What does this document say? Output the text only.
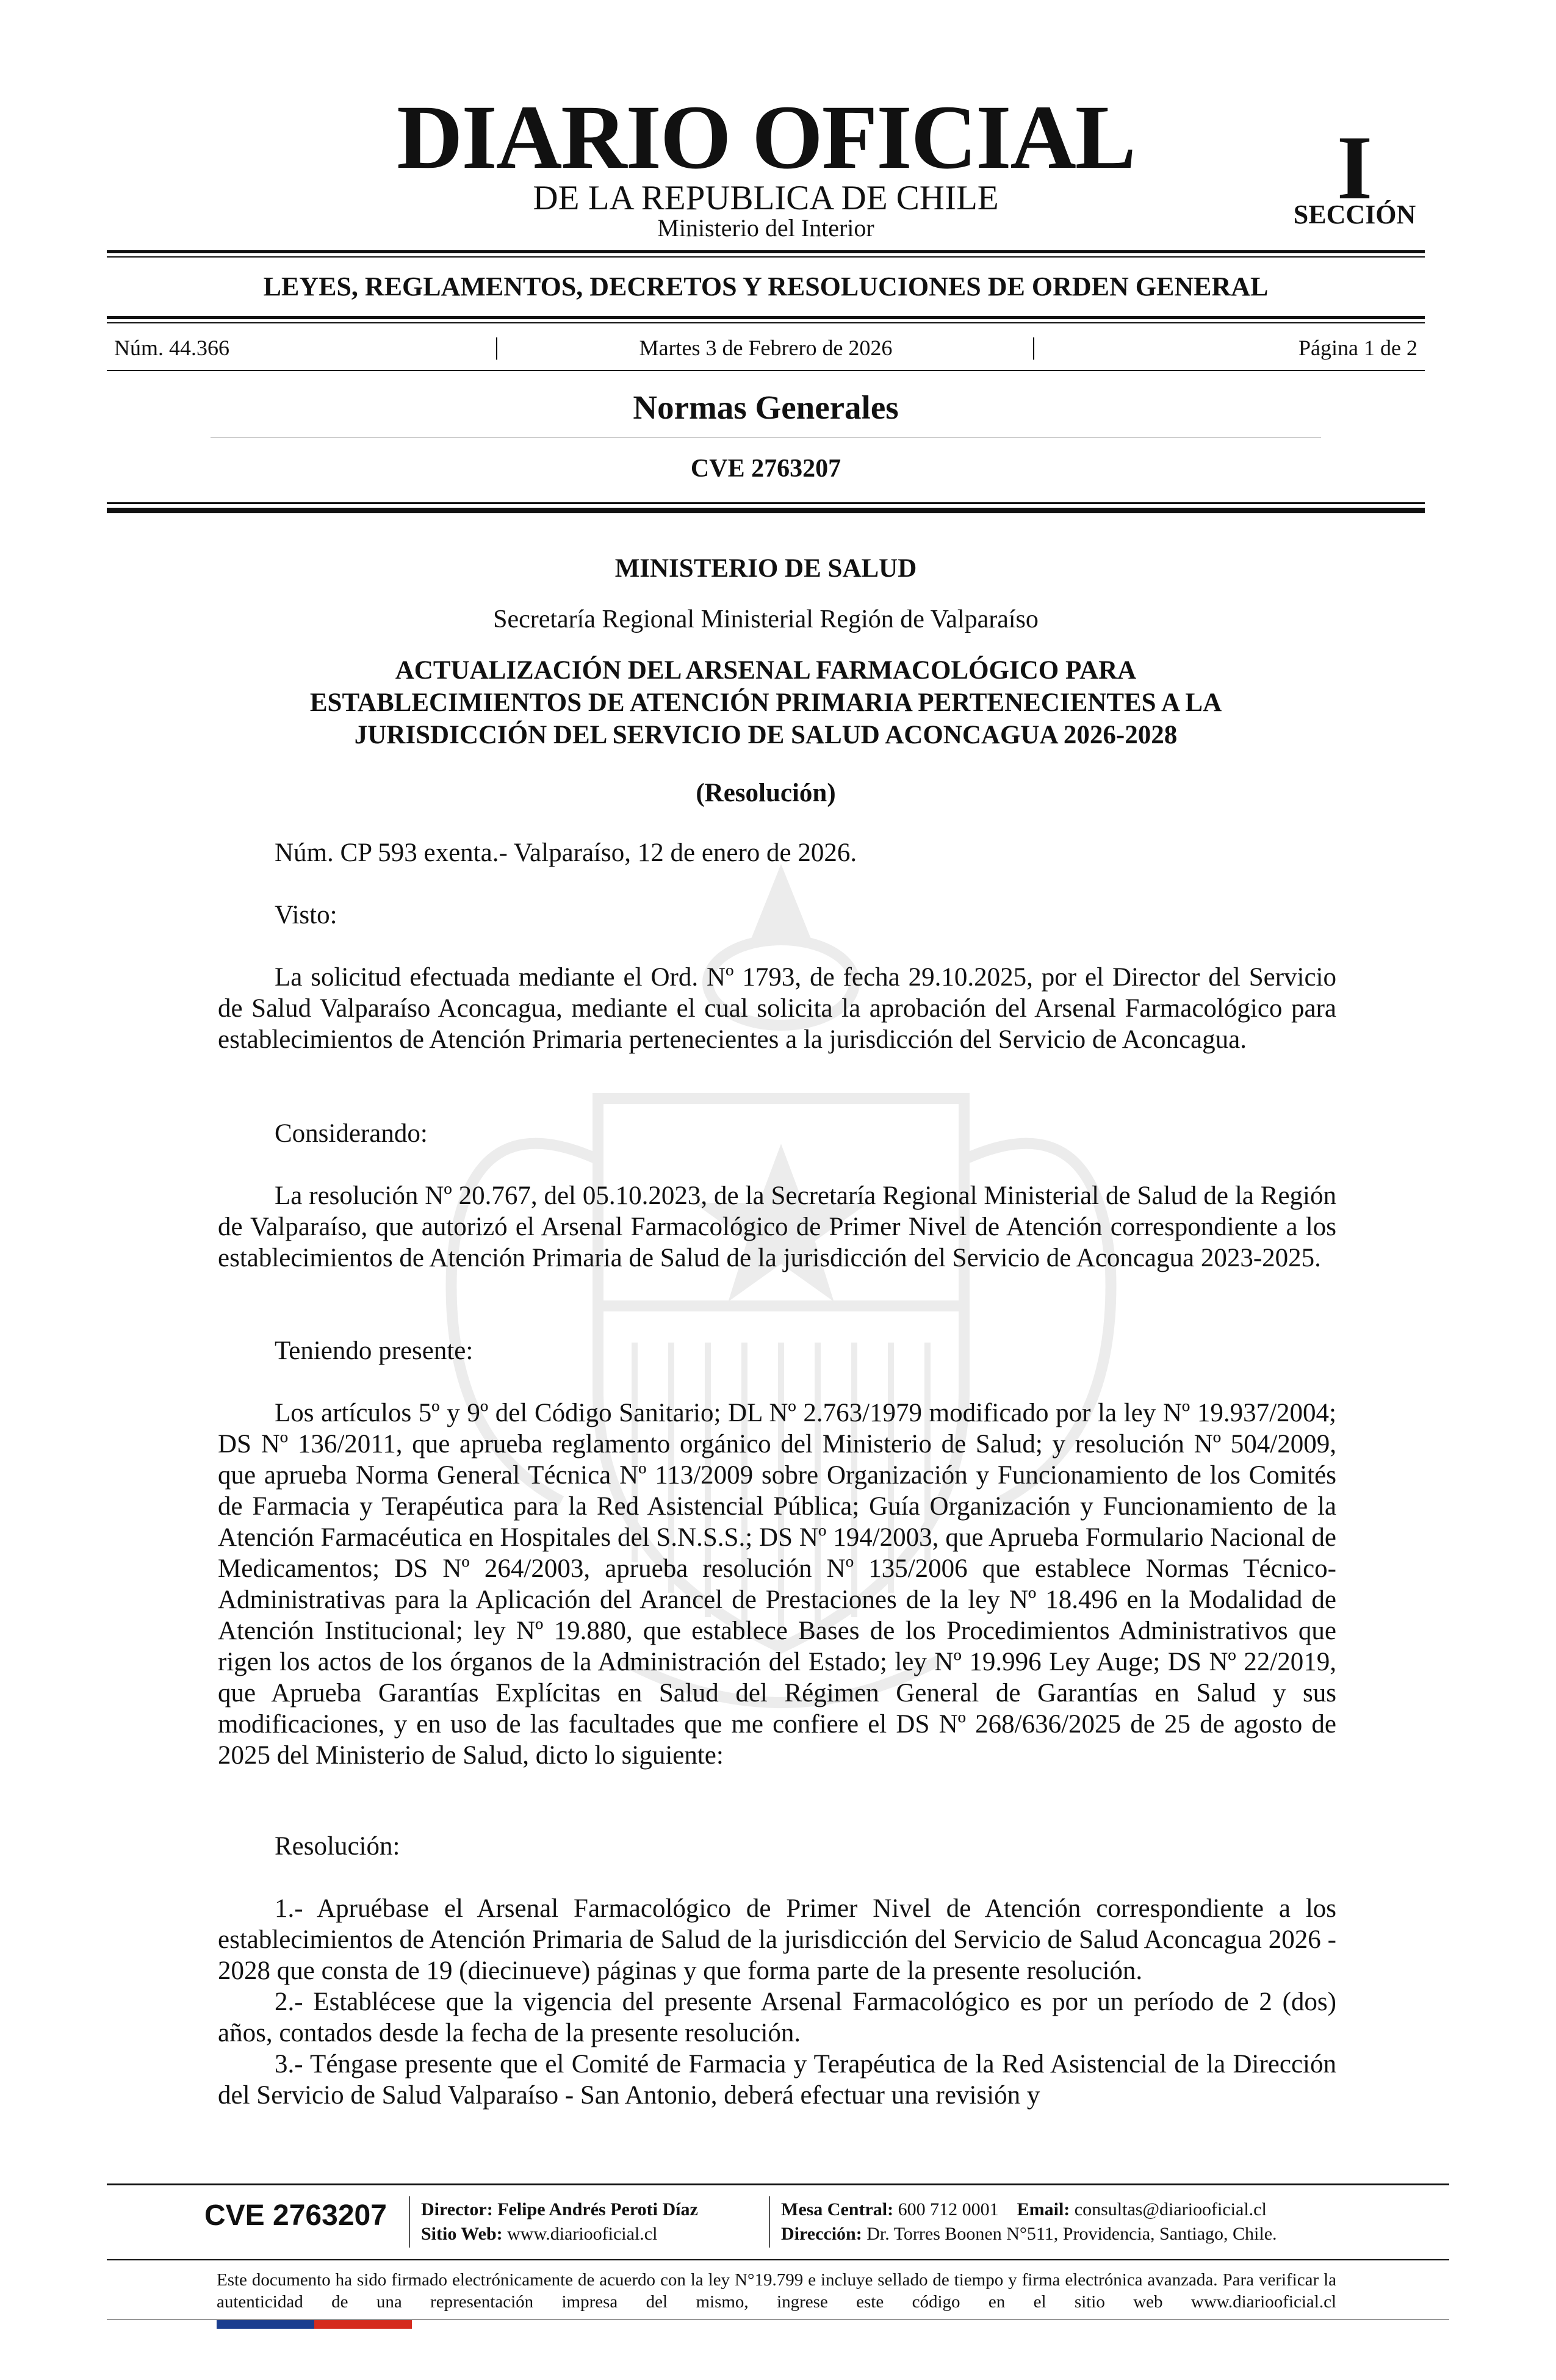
DIARIO OFICIAL
DE LA REPUBLICA DE CHILE
Ministerio del Interior
I
SECCIÓN
LEYES, REGLAMENTOS, DECRETOS Y RESOLUCIONES DE ORDEN GENERAL
Núm. 44.366	|	Martes 3 de Febrero de 2026	|	Página 1 de 2
Normas Generales
CVE 2763207
MINISTERIO DE SALUD
Secretaría Regional Ministerial Región de Valparaíso
ACTUALIZACIÓN DEL ARSENAL FARMACOLÓGICO PARA
ESTABLECIMIENTOS DE ATENCIÓN PRIMARIA PERTENECIENTES A LA
JURISDICCIÓN DEL SERVICIO DE SALUD ACONCAGUA 2026-2028
(Resolución)
Núm. CP 593 exenta.- Valparaíso, 12 de enero de 2026.
Visto:

La solicitud efectuada mediante el Ord. Nº 1793, de fecha 29.10.2025, por el Director del Servicio de Salud Valparaíso Aconcagua, mediante el cual solicita la aprobación del Arsenal Farmacológico para establecimientos de Atención Primaria pertenecientes a la jurisdicción del Servicio de Aconcagua.

Considerando:

La resolución Nº 20.767, del 05.10.2023, de la Secretaría Regional Ministerial de Salud de la Región de Valparaíso, que autorizó el Arsenal Farmacológico de Primer Nivel de Atención correspondiente a los establecimientos de Atención Primaria de Salud de la jurisdicción del Servicio de Aconcagua 2023-2025.

Teniendo presente:

Los artículos 5º y 9º del Código Sanitario; DL Nº 2.763/1979 modificado por la ley Nº 19.937/2004; DS Nº 136/2011, que aprueba reglamento orgánico del Ministerio de Salud; y resolución Nº 504/2009, que aprueba Norma General Técnica Nº 113/2009 sobre Organización y Funcionamiento de los Comités de Farmacia y Terapéutica para la Red Asistencial Pública; Guía Organización y Funcionamiento de la Atención Farmacéutica en Hospitales del S.N.S.S.; DS Nº 194/2003, que Aprueba Formulario Nacional de Medicamentos; DS Nº 264/2003, aprueba resolución Nº 135/2006 que establece Normas Técnico-Administrativas para la Aplicación del Arancel de Prestaciones de la ley Nº 18.496 en la Modalidad de Atención Institucional; ley Nº 19.880, que establece Bases de los Procedimientos Administrativos que rigen los actos de los órganos de la Administración del Estado; ley Nº 19.996 Ley Auge; DS Nº 22/2019, que Aprueba Garantías Explícitas en Salud del Régimen General de Garantías en Salud y sus modificaciones, y en uso de las facultades que me confiere el DS Nº 268/636/2025 de 25 de agosto de 2025 del Ministerio de Salud, dicto lo siguiente:

Resolución:

1.- Apruébase el Arsenal Farmacológico de Primer Nivel de Atención correspondiente a los establecimientos de Atención Primaria de Salud de la jurisdicción del Servicio de Salud Aconcagua 2026 - 2028 que consta de 19 (diecinueve) páginas y que forma parte de la presente resolución.

2.- Establécese que la vigencia del presente Arsenal Farmacológico es por un período de 2 (dos) años, contados desde la fecha de la presente resolución.

3.- Téngase presente que el Comité de Farmacia y Terapéutica de la Red Asistencial de la Dirección del Servicio de Salud Valparaíso - San Antonio, deberá efectuar una revisión y

CVE 2763207 Director: Felipe Andrés Peroti Díaz
Sitio Web: www.diariooficial.cl
Mesa Central: 600 712 0001 Email: consultas@diariooficial.cl
Dirección: Dr. Torres Boonen N°511, Providencia, Santiago, Chile.
Este documento ha sido firmado electrónicamente de acuerdo con la ley N°19.799 e incluye sellado de tiempo y firma electrónica avanzada. Para verificar la autenticidad de una representación impresa del mismo, ingrese este código en el sitio web www.diariooficial.cl
